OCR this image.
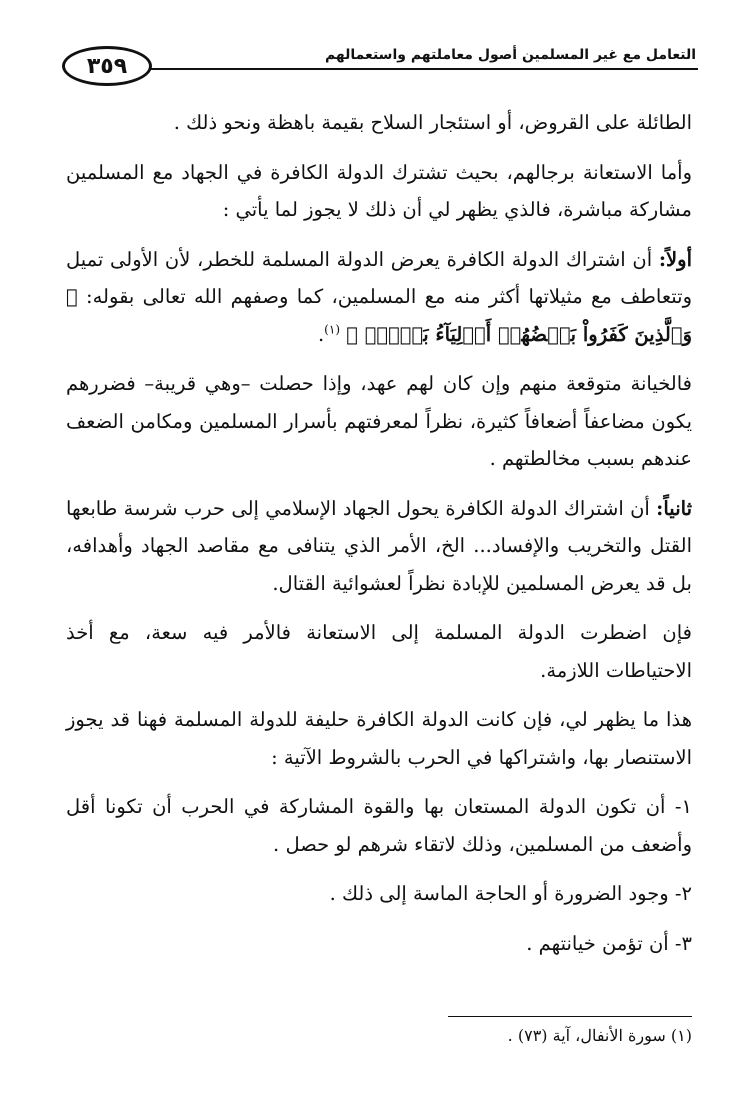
التعامل مع غير المسلمين أصول معاملتهم واستعمالهم
٣٥٩

الطائلة على القروض، أو استئجار السلاح بقيمة باهظة ونحو ذلك .

وأما الاستعانة برجالهم، بحيث تشترك الدولة الكافرة في الجهاد مع المسلمين مشاركة مباشرة، فالذي يظهر لي أن ذلك لا يجوز لما يأتي :

أولاً: أن اشتراك الدولة الكافرة يعرض الدولة المسلمة للخطر، لأن الأولى تميل وتتعاطف مع مثيلاتها أكثر منه مع المسلمين، كما وصفهم الله تعالى بقوله: ﴿ وَٱلَّذِينَ كَفَرُواْ بَعۡضُهُمۡ أَوۡلِيَآءُ بَعۡضٍۚ ﴾ $^{(١)}$.

فالخيانة متوقعة منهم وإن كان لهم عهد، وإذا حصلت –وهي قريبة– فضررهم يكون مضاعفاً أضعافاً كثيرة، نظراً لمعرفتهم بأسرار المسلمين ومكامن الضعف عندهم بسبب مخالطتهم .

ثانياً: أن اشتراك الدولة الكافرة يحول الجهاد الإسلامي إلى حرب شرسة طابعها القتل والتخريب والإفساد... الخ، الأمر الذي يتنافى مع مقاصد الجهاد وأهدافه، بل قد يعرض المسلمين للإبادة نظراً لعشوائية القتال.

فإن اضطرت الدولة المسلمة إلى الاستعانة فالأمر فيه سعة، مع أخذ الاحتياطات اللازمة.

هذا ما يظهر لي، فإن كانت الدولة الكافرة حليفة للدولة المسلمة فهنا قد يجوز الاستنصار بها، واشتراكها في الحرب بالشروط الآتية :

١- أن تكون الدولة المستعان بها والقوة المشاركة في الحرب أن تكونا أقل وأضعف من المسلمين، وذلك لاتقاء شرهم لو حصل .

٢- وجود الضرورة أو الحاجة الماسة إلى ذلك .

٣- أن تؤمن خيانتهم .

(١) سورة الأنفال، آية (٧٣) .
